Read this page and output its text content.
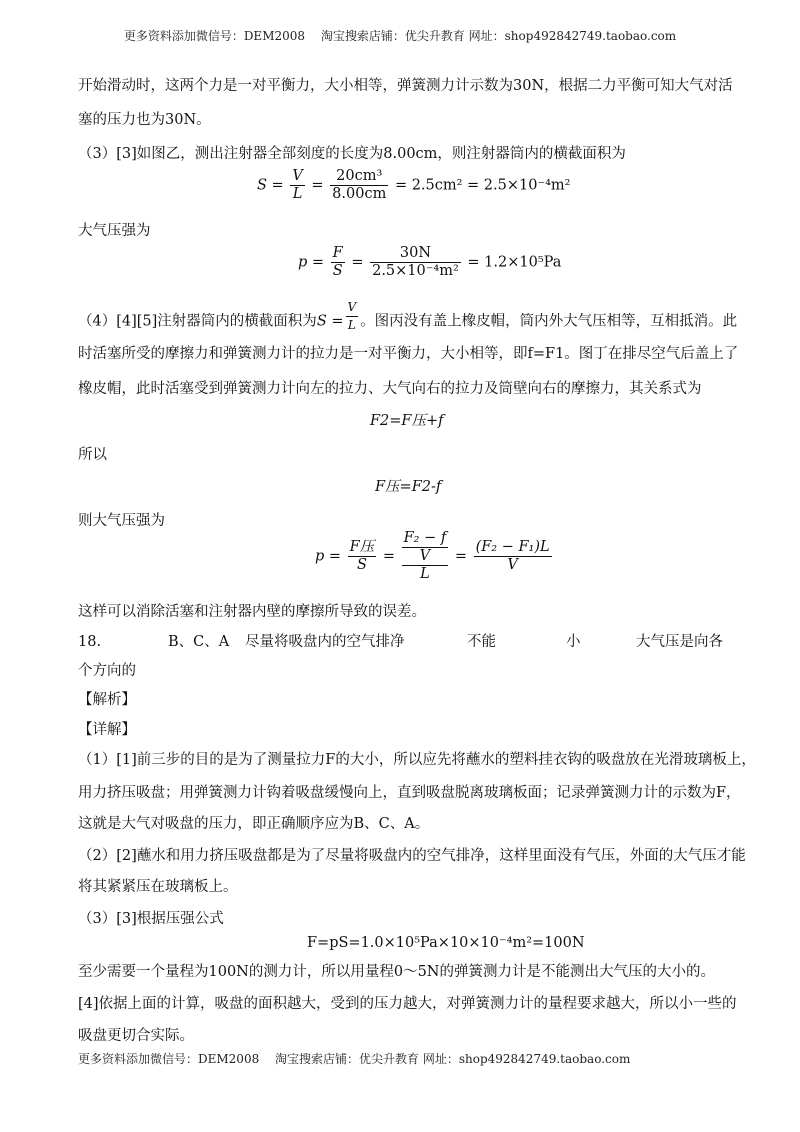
更多资料添加微信号：DEM2008　 淘宝搜索店铺：优尖升教育 网址：shop492842749.taobao.com
开始滑动时，这两个力是一对平衡力，大小相等，弹簧测力计示数为30N，根据二力平衡可知大气对活
塞的压力也为30N。
（3）[3]如图乙，测出注射器全部刻度的长度为8.00cm，则注射器筒内的横截面积为
$S = \frac{V}{L} = \frac{\text{20cm³}}{8.00cm} = 2.5cm^2 = 2.5\times 10^{-4}m^2$
大气压强为
$p = \frac{F}{S} = \frac{30N}{\text{2.5×10⁻⁴m²}} = 1.2\times 10^5Pa$
（4）[4][5]注射器筒内的横截面积为$S = \frac{V}{L}$ 。图丙没有盖上橡皮帽，筒内外大气压相等，互相抵消。此
时活塞所受的摩擦力和弹簧测力计的拉力是一对平衡力，大小相等，即f=F1。图丁在排尽空气后盖上了
橡皮帽，此时活塞受到弹簧测力计向左的拉力、大气向右的拉力及筒壁向右的摩擦力，其关系式为
F2=F压+f
所以
F压=F2-f
则大气压强为
$p = \frac{\text{F压}}{S}$ =
F₂ − f
V
L
= $\frac{\text{(F₂ − F₁)L}}{V}$
这样可以消除活塞和注射器内壁的摩擦所导致的误差。
18.	B、C、A 尽量将吸盘内的空气排净	不能	小	大气压是向各
个方向的
【解析】
【详解】
（1）[1]前三步的目的是为了测量拉力F的大小，所以应先将蘸水的塑料挂衣钩的吸盘放在光滑玻璃板上，
用力挤压吸盘；用弹簧测力计钩着吸盘缓慢向上，直到吸盘脱离玻璃板面；记录弹簧测力计的示数为F，
这就是大气对吸盘的压力，即正确顺序应为B、C、A。
（2）[2]蘸水和用力挤压吸盘都是为了尽量将吸盘内的空气排净，这样里面没有气压，外面的大气压才能
将其紧紧压在玻璃板上。
（3）[3]根据压强公式
F=pS=1.0×10⁵Pa×10×10⁻⁴m²=100N
至少需要一个量程为100N的测力计，所以用量程0～5N的弹簧测力计是不能测出大气压的大小的。
[4]依据上面的计算，吸盘的面积越大，受到的压力越大，对弹簧测力计的量程要求越大，所以小一些的
吸盘更切合实际。
更多资料添加微信号：DEM2008　 淘宝搜索店铺：优尖升教育 网址：shop492842749.taobao.com
